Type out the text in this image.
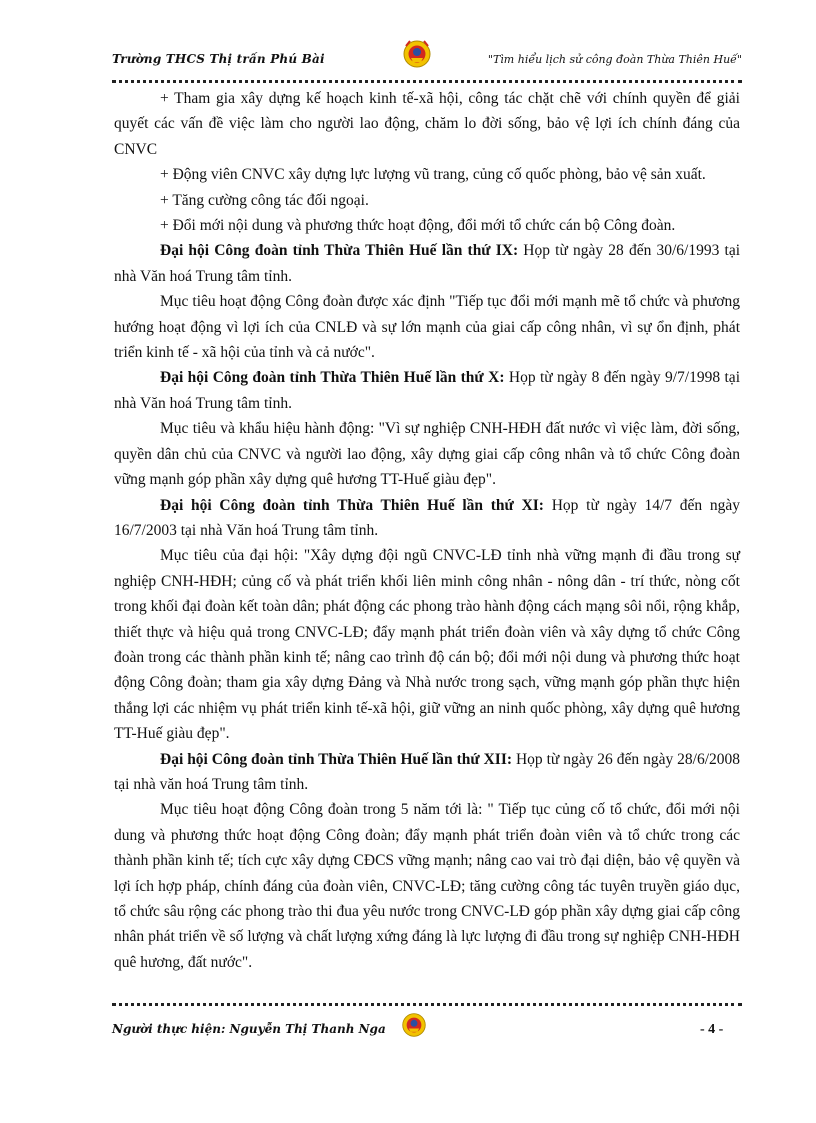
Trường THCS Thị trấn Phú Bài	"Tìm hiểu lịch sử công đoàn Thừa Thiên Huế"

+ Tham gia xây dựng kế hoạch kinh tế-xã hội, công tác chặt chẽ với chính quyền để giải quyết các vấn đề việc làm cho người lao động, chăm lo đời sống, bảo vệ lợi ích chính đáng của CNVC

+ Động viên CNVC xây dựng lực lượng vũ trang, củng cố quốc phòng, bảo vệ sản xuất.

+ Tăng cường công tác đối ngoại.

+ Đổi mới nội dung và phương thức hoạt động, đổi mới tổ chức cán bộ Công đoàn.

Đại hội Công đoàn tỉnh Thừa Thiên Huế lần thứ IX: Họp từ ngày 28 đến 30/6/1993 tại nhà Văn hoá Trung tâm tỉnh.

Mục tiêu hoạt động Công đoàn được xác định "Tiếp tục đổi mới mạnh mẽ tổ chức và phương hướng hoạt động vì lợi ích của CNLĐ và sự lớn mạnh của giai cấp công nhân, vì sự ổn định, phát triển kinh tế - xã hội của tỉnh và cả nước".

Đại hội Công đoàn tỉnh Thừa Thiên Huế lần thứ X: Họp từ ngày 8 đến ngày 9/7/1998 tại nhà Văn hoá Trung tâm tỉnh.

Mục tiêu và khẩu hiệu hành động: "Vì sự nghiệp CNH-HĐH đất nước vì việc làm, đời sống, quyền dân chủ của CNVC và người lao động, xây dựng giai cấp công nhân và tổ chức Công đoàn vững mạnh góp phần xây dựng quê hương TT-Huế giàu đẹp".

Đại hội Công đoàn tỉnh Thừa Thiên Huế lần thứ XI: Họp từ ngày 14/7 đến ngày 16/7/2003 tại nhà Văn hoá Trung tâm tỉnh.

Mục tiêu của đại hội: "Xây dựng đội ngũ CNVC-LĐ tỉnh nhà vững mạnh đi đầu trong sự nghiệp CNH-HĐH; củng cố và phát triển khối liên minh công nhân - nông dân - trí thức, nòng cốt trong khối đại đoàn kết toàn dân; phát động các phong trào hành động cách mạng sôi nổi, rộng khắp, thiết thực và hiệu quả trong CNVC-LĐ; đẩy mạnh phát triển đoàn viên và xây dựng tổ chức Công đoàn trong các thành phần kinh tế; nâng cao trình độ cán bộ; đổi mới nội dung và phương thức hoạt động Công đoàn; tham gia xây dựng Đảng và Nhà nước trong sạch, vững mạnh góp phần thực hiện thắng lợi các nhiệm vụ phát triển kinh tế-xã hội, giữ vững an ninh quốc phòng, xây dựng quê hương TT-Huế giàu đẹp".

Đại hội Công đoàn tỉnh Thừa Thiên Huế lần thứ XII: Họp từ ngày 26 đến ngày 28/6/2008 tại nhà văn hoá Trung tâm tỉnh.

Mục tiêu hoạt động Công đoàn trong 5 năm tới là: " Tiếp tục củng cố tổ chức, đổi mới nội dung và phương thức hoạt động Công đoàn; đẩy mạnh phát triển đoàn viên và tổ chức trong các thành phần kinh tế; tích cực xây dựng CĐCS vững mạnh; nâng cao vai trò đại diện, bảo vệ quyền và lợi ích hợp pháp, chính đáng của đoàn viên, CNVC-LĐ; tăng cường công tác tuyên truyền giáo dục, tổ chức sâu rộng các phong trào thi đua yêu nước trong CNVC-LĐ góp phần xây dựng giai cấp công nhân phát triển về số lượng và chất lượng xứng đáng là lực lượng đi đầu trong sự nghiệp CNH-HĐH quê hương, đất nước".

Người thực hiện: Nguyễn Thị Thanh Nga	- 4 -
